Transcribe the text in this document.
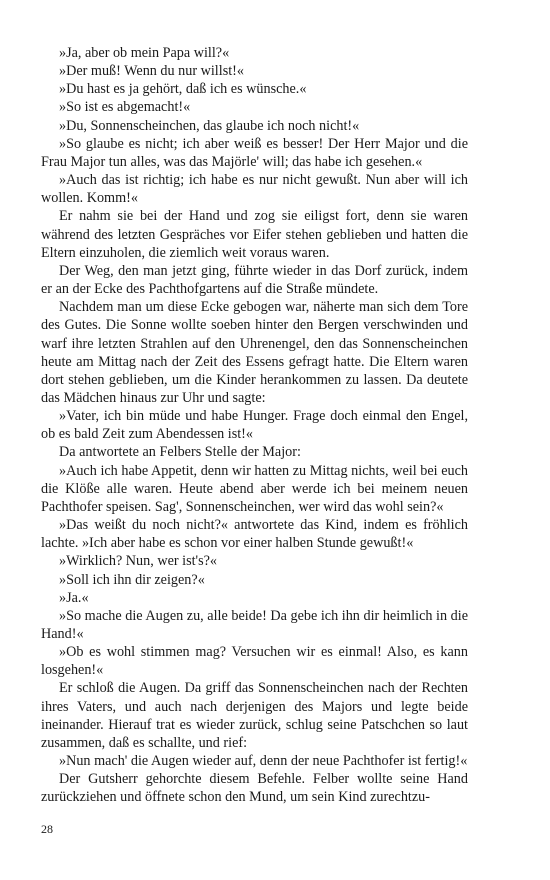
»Ja, aber ob mein Papa will?«

»Der muß! Wenn du nur willst!«

»Du hast es ja gehört, daß ich es wünsche.«

»So ist es abgemacht!«

»Du, Sonnenscheinchen, das glaube ich noch nicht!«

»So glaube es nicht; ich aber weiß es besser! Der Herr Major und die Frau Major tun alles, was das Majörle' will; das habe ich gesehen.«

»Auch das ist richtig; ich habe es nur nicht gewußt. Nun aber will ich wollen. Komm!«

Er nahm sie bei der Hand und zog sie eiligst fort, denn sie waren während des letzten Gespräches vor Eifer stehen geblieben und hatten die Eltern einzuholen, die ziemlich weit voraus waren.

Der Weg, den man jetzt ging, führte wieder in das Dorf zurück, indem er an der Ecke des Pachthofgartens auf die Straße mündete.

Nachdem man um diese Ecke gebogen war, näherte man sich dem Tore des Gutes. Die Sonne wollte soeben hinter den Bergen verschwinden und warf ihre letzten Strahlen auf den Uhrenengel, den das Sonnenscheinchen heute am Mittag nach der Zeit des Essens gefragt hatte. Die Eltern waren dort stehen geblieben, um die Kinder herankommen zu lassen. Da deutete das Mädchen hinaus zur Uhr und sagte:

»Vater, ich bin müde und habe Hunger. Frage doch einmal den Engel, ob es bald Zeit zum Abendessen ist!«

Da antwortete an Felbers Stelle der Major:

»Auch ich habe Appetit, denn wir hatten zu Mittag nichts, weil bei euch die Klöße alle waren. Heute abend aber werde ich bei meinem neuen Pachthofer speisen. Sag', Sonnenscheinchen, wer wird das wohl sein?«

»Das weißt du noch nicht?« antwortete das Kind, indem es fröhlich lachte. »Ich aber habe es schon vor einer halben Stunde gewußt!«

»Wirklich? Nun, wer ist's?«

»Soll ich ihn dir zeigen?«

»Ja.«

»So mache die Augen zu, alle beide! Da gebe ich ihn dir heimlich in die Hand!«

»Ob es wohl stimmen mag? Versuchen wir es einmal! Also, es kann losgehen!«

Er schloß die Augen. Da griff das Sonnenscheinchen nach der Rechten ihres Vaters, und auch nach derjenigen des Majors und legte beide ineinander. Hierauf trat es wieder zurück, schlug seine Patschchen so laut zusammen, daß es schallte, und rief:

»Nun mach' die Augen wieder auf, denn der neue Pachthofer ist fertig!«

Der Gutsherr gehorchte diesem Befehle. Felber wollte seine Hand zurückziehen und öffnete schon den Mund, um sein Kind zurechtzu-

28
